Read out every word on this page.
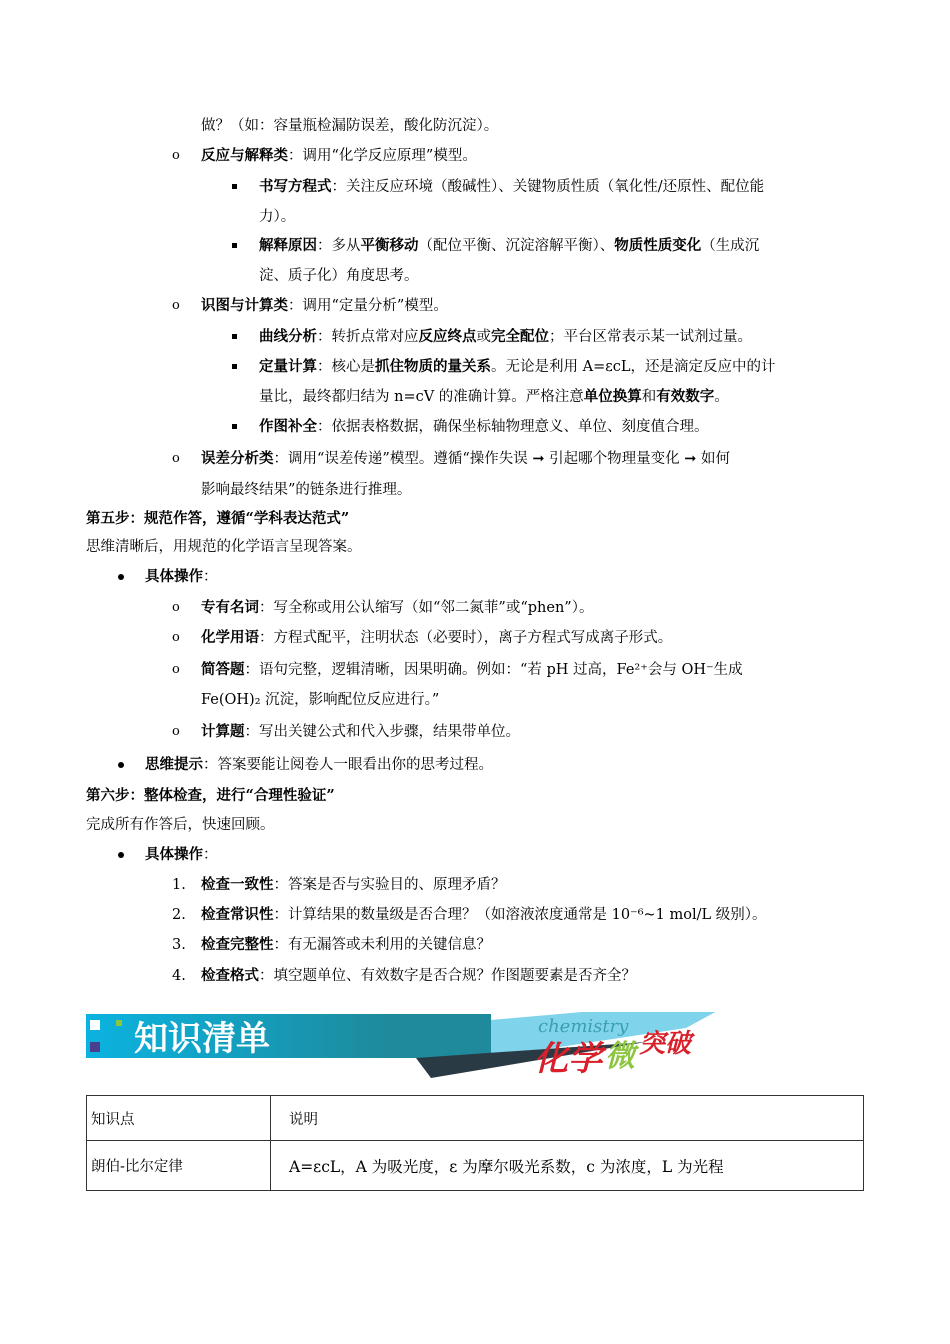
做？（如：容量瓶检漏防误差，酸化防沉淀）。
o 反应与解释类：调用“化学反应原理”模型。
书写方程式：关注反应环境（酸碱性）、关键物质性质（氧化性/还原性、配位能
力）。
解释原因：多从平衡移动（配位平衡、沉淀溶解平衡）、物质性质变化（生成沉
淀、质子化）角度思考。
o 识图与计算类：调用“定量分析”模型。
曲线分析：转折点常对应反应终点或完全配位；平台区常表示某一试剂过量。
定量计算：核心是抓住物质的量关系。无论是利用 A=εcL，还是滴定反应中的计
量比，最终都归结为 n=cV 的准确计算。严格注意单位换算和有效数字。
作图补全：依据表格数据，确保坐标轴物理意义、单位、刻度值合理。
o 误差分析类：调用“误差传递”模型。遵循“操作失误 ➞ 引起哪个物理量变化 ➞ 如何
影响最终结果”的链条进行推理。
第五步：规范作答，遵循“学科表达范式”
思维清晰后，用规范的化学语言呈现答案。
具体操作：
o 专有名词：写全称或用公认缩写（如“邻二氮菲”或“phen”）。
o 化学用语：方程式配平，注明状态（必要时），离子方程式写成离子形式。
o 简答题：语句完整，逻辑清晰，因果明确。例如：“若 pH 过高，Fe²⁺会与 OH⁻生成
Fe(OH)₂ 沉淀，影响配位反应进行。”
o 计算题：写出关键公式和代入步骤，结果带单位。
思维提示：答案要能让阅卷人一眼看出你的思考过程。
第六步：整体检查，进行“合理性验证”
完成所有作答后，快速回顾。
具体操作：
1. 检查一致性：答案是否与实验目的、原理矛盾？
2. 检查常识性：计算结果的数量级是否合理？（如溶液浓度通常是 10⁻⁶~1 mol/L 级别）。
3. 检查完整性：有无漏答或未利用的关键信息？
4. 检查格式：填空题单位、有效数字是否合规？作图题要素是否齐全？
知识清单	chemistry
化学 微 突破
知识点	说明
朗伯-比尔定律	A=εcL，A 为吸光度，ε 为摩尔吸光系数，c 为浓度，L 为光程
